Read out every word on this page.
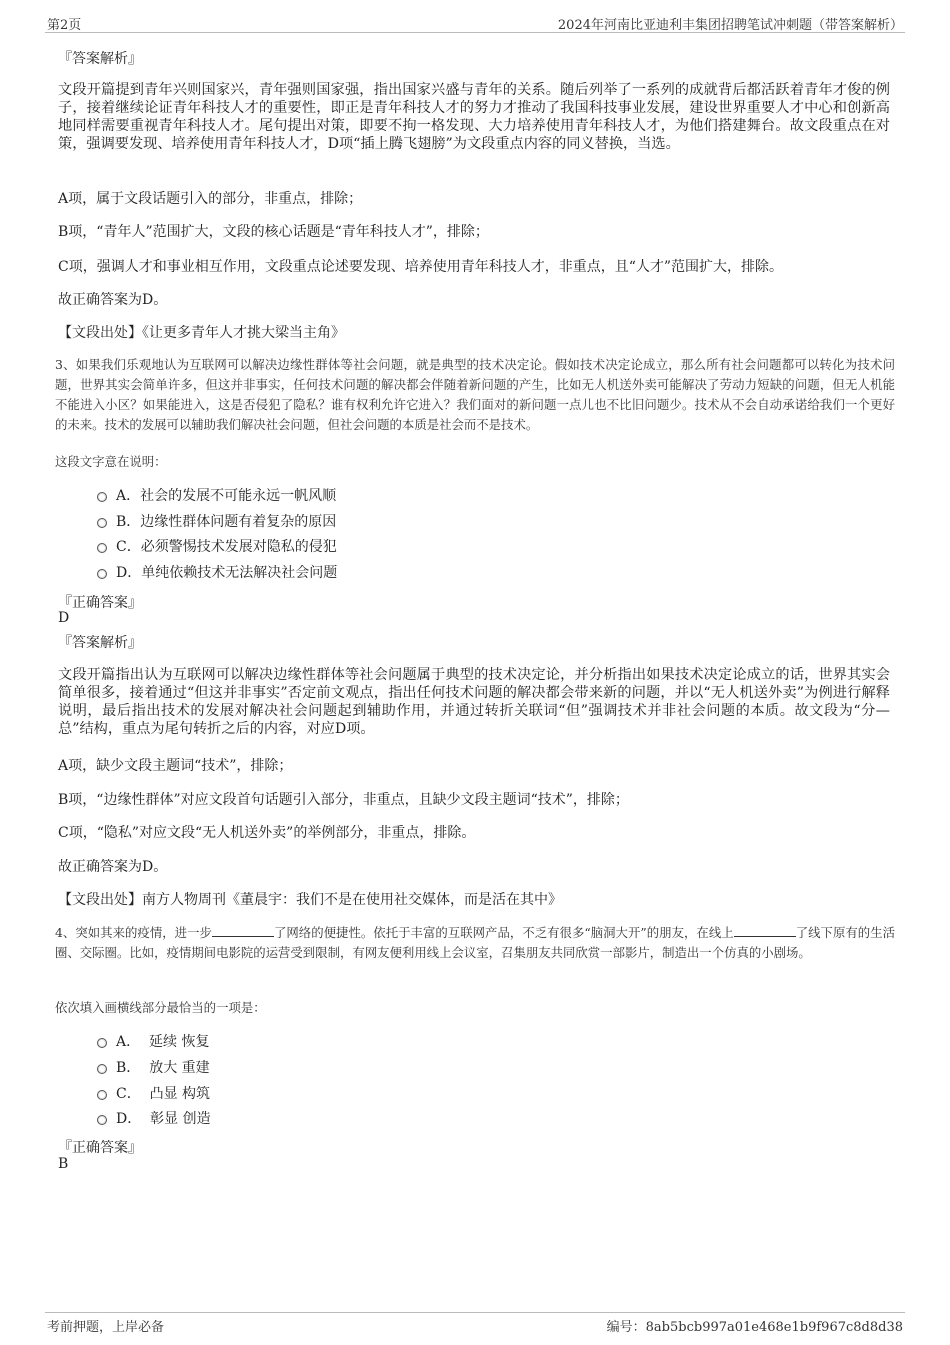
第2页	2024年河南比亚迪利丰集团招聘笔试冲刺题（带答案解析）
『答案解析』

文段开篇提到青年兴则国家兴，青年强则国家强，指出国家兴盛与青年的关系。随后列举了一系列的成就背后都活跃着青年才俊的例子，接着继续论证青年科技人才的重要性，即正是青年科技人才的努力才推动了我国科技事业发展，建设世界重要人才中心和创新高地同样需要重视青年科技人才。尾句提出对策，即要不拘一格发现、大力培养使用青年科技人才，为他们搭建舞台。故文段重点在对策，强调要发现、培养使用青年科技人才，D项“插上腾飞翅膀”为文段重点内容的同义替换，当选。

A项，属于文段话题引入的部分，非重点，排除；
B项，“青年人”范围扩大，文段的核心话题是“青年科技人才”，排除；
C项，强调人才和事业相互作用，文段重点论述要发现、培养使用青年科技人才，非重点，且“人才”范围扩大，排除。
故正确答案为D。
【文段出处】《让更多青年人才挑大梁当主角》

3、如果我们乐观地认为互联网可以解决边缘性群体等社会问题，就是典型的技术决定论。假如技术决定论成立，那么所有社会问题都可以转化为技术问题，世界其实会简单许多，但这并非事实，任何技术问题的解决都会伴随着新问题的产生，比如无人机送外卖可能解决了劳动力短缺的问题，但无人机能不能进入小区？如果能进入，这是否侵犯了隐私？谁有权利允许它进入？我们面对的新问题一点儿也不比旧问题少。技术从不会自动承诺给我们一个更好的未来。技术的发展可以辅助我们解决社会问题，但社会问题的本质是社会而不是技术。

这段文字意在说明：
A．社会的发展不可能永远一帆风顺
B．边缘性群体问题有着复杂的原因
C．必须警惕技术发展对隐私的侵犯
D．单纯依赖技术无法解决社会问题
『正确答案』
D
『答案解析』

文段开篇指出认为互联网可以解决边缘性群体等社会问题属于典型的技术决定论，并分析指出如果技术决定论成立的话，世界其实会简单很多，接着通过“但这并非事实”否定前文观点，指出任何技术问题的解决都会带来新的问题，并以“无人机送外卖”为例进行解释说明，最后指出技术的发展对解决社会问题起到辅助作用，并通过转折关联词“但”强调技术并非社会问题的本质。故文段为“分—总”结构，重点为尾句转折之后的内容，对应D项。

A项，缺少文段主题词“技术”，排除；
B项，“边缘性群体”对应文段首句话题引入部分，非重点，且缺少文段主题词“技术”，排除；
C项，“隐私”对应文段“无人机送外卖”的举例部分，非重点，排除。
故正确答案为D。
【文段出处】南方人物周刊《董晨宇：我们不是在使用社交媒体，而是活在其中》

4、突如其来的疫情，进一步	了网络的便捷性。依托于丰富的互联网产品，不乏有很多“脑洞大开”的朋友，在线上	了线下原有的生活圈、交际圈。比如，疫情期间电影院的运营受到限制，有网友便利用线上会议室，召集朋友共同欣赏一部影片，制造出一个仿真的小剧场。

依次填入画横线部分最恰当的一项是：
A．  延续 恢复
B．  放大 重建
C．  凸显 构筑
D．  彰显 创造
『正确答案』
B
考前押题，上岸必备	编号：8ab5bcb997a01e468e1b9f967c8d8d38
